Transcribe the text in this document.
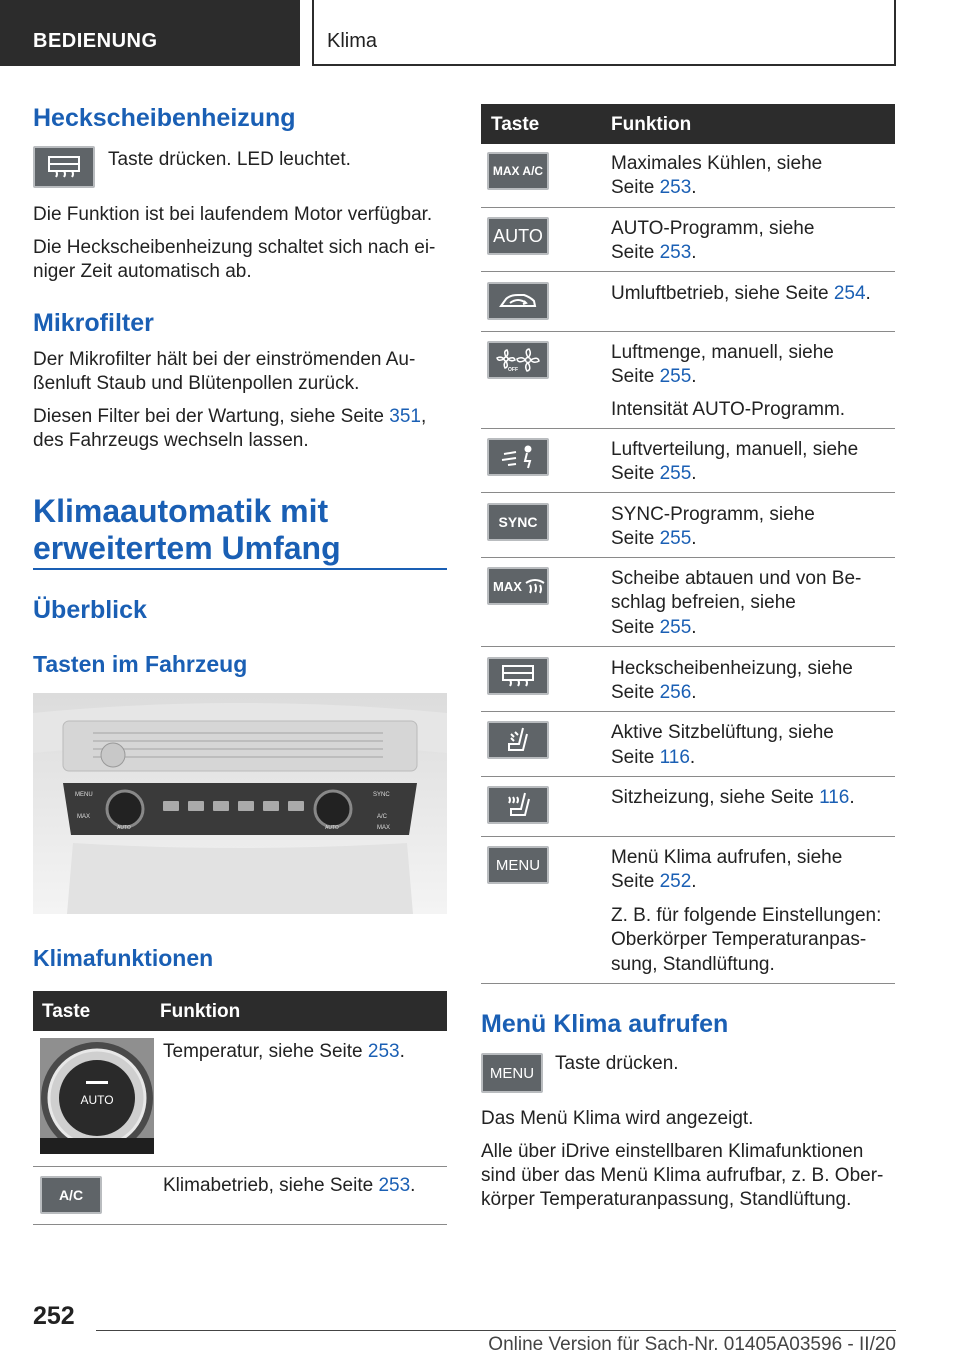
BEDIENUNG	Klima
Heckscheibenheizung

Taste drücken. LED leuchtet.

Die Funktion ist bei laufendem Motor verfügbar.

Die Heckscheibenheizung schaltet sich nach ei-

niger Zeit automatisch ab.

Mikrofilter

Der Mikrofilter hält bei der einströmenden Au-

ßenluft Staub und Blütenpollen zurück.

Diesen Filter bei der Wartung, siehe Seite 351,

des Fahrzeugs wechseln lassen.

Klimaautomatik mit
erweitertem Umfang
Überblick
Tasten im Fahrzeug
MENU
MAX
AUTO	AUTO
SYNC
A/C
MAX
Klimafunktionen
Taste	Funktion
AUTO

Temperatur, siehe Seite 253.

A/C	Klimabetrieb, siehe Seite 253.

Taste	Funktion
MAX A/C	Maximales Kühlen, siehe

Seite 253.

AUTO	AUTO-Programm, siehe

Seite 253.

Umluftbetrieb, siehe Seite 254.

OFF

Luftmenge, manuell, siehe

Seite 255.

Intensität AUTO-Programm.

Luftverteilung, manuell, siehe

Seite 255.

SYNC	SYNC-Programm, siehe

Seite 255.

MAX	Scheibe abtauen und von Be-

schlag befreien, siehe

Seite 255.

Heckscheibenheizung, siehe

Seite 256.

Aktive Sitzbelüftung, siehe

Seite 116.

Sitzheizung, siehe Seite 116.

MENU	Menü Klima aufrufen, siehe

Seite 252.

Z. B. für folgende Einstellungen:

Oberkörper Temperaturanpas-

sung, Standlüftung.

Menü Klima aufrufen
MENU	Taste drücken.

Das Menü Klima wird angezeigt.

Alle über iDrive einstellbaren Klimafunktionen

sind über das Menü Klima aufrufbar, z. B. Ober-

körper Temperaturanpassung, Standlüftung.

252
Online Version für Sach-Nr. 01405A03596 - II/20
